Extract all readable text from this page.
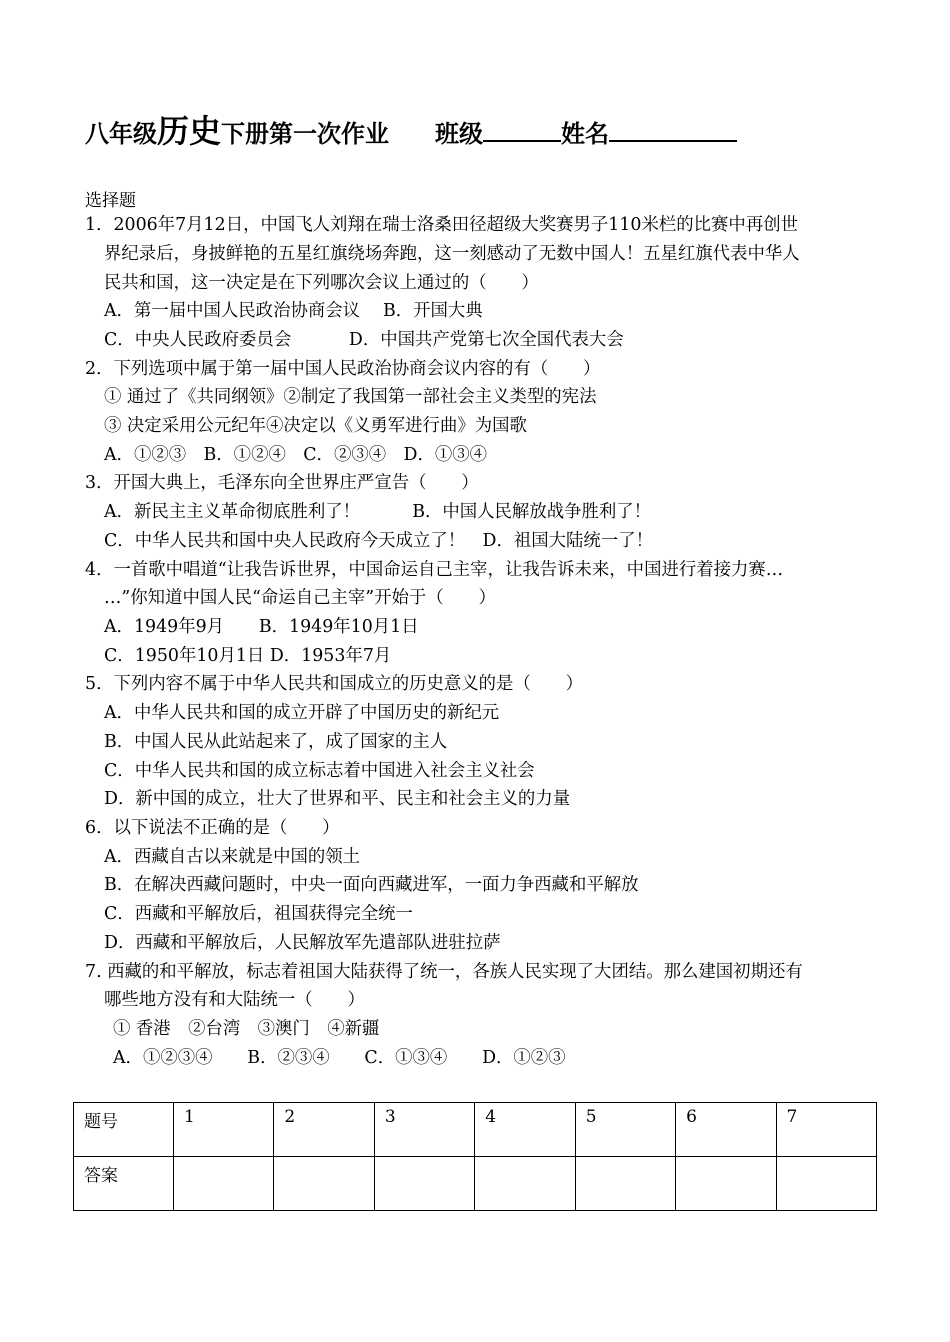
八年级历史下册第一次作业 班级	姓名
选择题
1．2006年7月12日，中国飞人刘翔在瑞士洛桑田径超级大奖赛男子110米栏的比赛中再创世
界纪录后，身披鲜艳的五星红旗绕场奔跑，这一刻感动了无数中国人！五星红旗代表中华人
民共和国，这一决定是在下列哪次会议上通过的（　　）
A．第一届中国人民政治协商会议　 B．开国大典
C．中央人民政府委员会　　　 D．中国共产党第七次全国代表大会
2．下列选项中属于第一届中国人民政治协商会议内容的有（　　）
① 通过了《共同纲领》②制定了我国第一部社会主义类型的宪法
③ 决定采用公元纪年④决定以《义勇军进行曲》为国歌
A．①②③　B．①②④　C．②③④　D．①③④
3．开国大典上，毛泽东向全世界庄严宣告（　　）
A．新民主主义革命彻底胜利了！　　　B．中国人民解放战争胜利了！
C．中华人民共和国中央人民政府今天成立了！　D．祖国大陆统一了！
4．一首歌中唱道“让我告诉世界，中国命运自己主宰，让我告诉未来，中国进行着接力赛…
…”你知道中国人民“命运自己主宰”开始于（　　）
A．1949年9月　　B．1949年10月1日
C．1950年10月1日 D．1953年7月
5．下列内容不属于中华人民共和国成立的历史意义的是（　　）
A．中华人民共和国的成立开辟了中国历史的新纪元
B．中国人民从此站起来了，成了国家的主人
C．中华人民共和国的成立标志着中国进入社会主义社会
D．新中国的成立，壮大了世界和平、民主和社会主义的力量
6．以下说法不正确的是（　　）
A．西藏自古以来就是中国的领土
B．在解决西藏问题时，中央一面向西藏进军，一面力争西藏和平解放
C．西藏和平解放后，祖国获得完全统一
D．西藏和平解放后，人民解放军先遣部队进驻拉萨
7. 西藏的和平解放，标志着祖国大陆获得了统一，各族人民实现了大团结。那么建国初期还有
哪些地方没有和大陆统一（　　）
① 香港　②台湾　③澳门　④新疆
A．①②③④　　B．②③④　　C．①③④　　D．①②③
题号	1	2	3	4	5	6	7
答案							
